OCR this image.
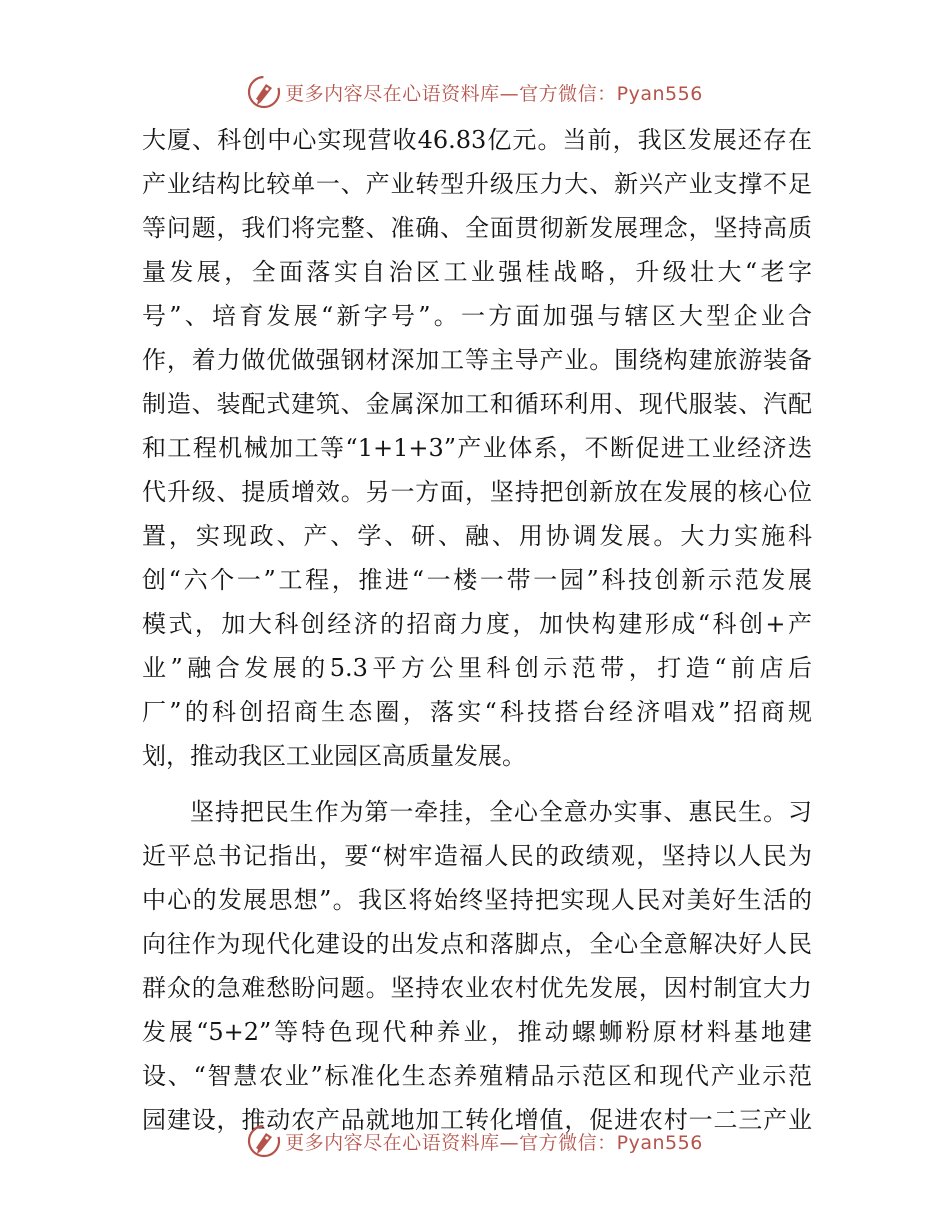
更多内容尽在心语资料库—官方微信：Pyan556
大厦、科创中心实现营收46.83亿元。当前，我区发展还存在
产业结构比较单一、产业转型升级压力大、新兴产业支撑不足
等问题，我们将完整、准确、全面贯彻新发展理念，坚持高质
量发展，全面落实自治区工业强桂战略，升级壮大“老字
号”、培育发展“新字号”。一方面加强与辖区大型企业合
作，着力做优做强钢材深加工等主导产业。围绕构建旅游装备
制造、装配式建筑、金属深加工和循环利用、现代服装、汽配
和工程机械加工等“1+1+3”产业体系，不断促进工业经济迭
代升级、提质增效。另一方面，坚持把创新放在发展的核心位
置，实现政、产、学、研、融、用协调发展。大力实施科
创“六个一”工程，推进“一楼一带一园”科技创新示范发展
模式，加大科创经济的招商力度，加快构建形成“科创+产
业”融合发展的5.3平方公里科创示范带，打造“前店后
厂”的科创招商生态圈，落实“科技搭台经济唱戏”招商规
划，推动我区工业园区高质量发展。
坚持把民生作为第一牵挂，全心全意办实事、惠民生。习
近平总书记指出，要“树牢造福人民的政绩观，坚持以人民为
中心的发展思想”。我区将始终坚持把实现人民对美好生活的
向往作为现代化建设的出发点和落脚点，全心全意解决好人民
群众的急难愁盼问题。坚持农业农村优先发展，因村制宜大力
发展“5+2”等特色现代种养业，推动螺蛳粉原材料基地建
设、“智慧农业”标准化生态养殖精品示范区和现代产业示范
园建设，推动农产品就地加工转化增值，促进农村一二三产业
更多内容尽在心语资料库—官方微信：Pyan556
